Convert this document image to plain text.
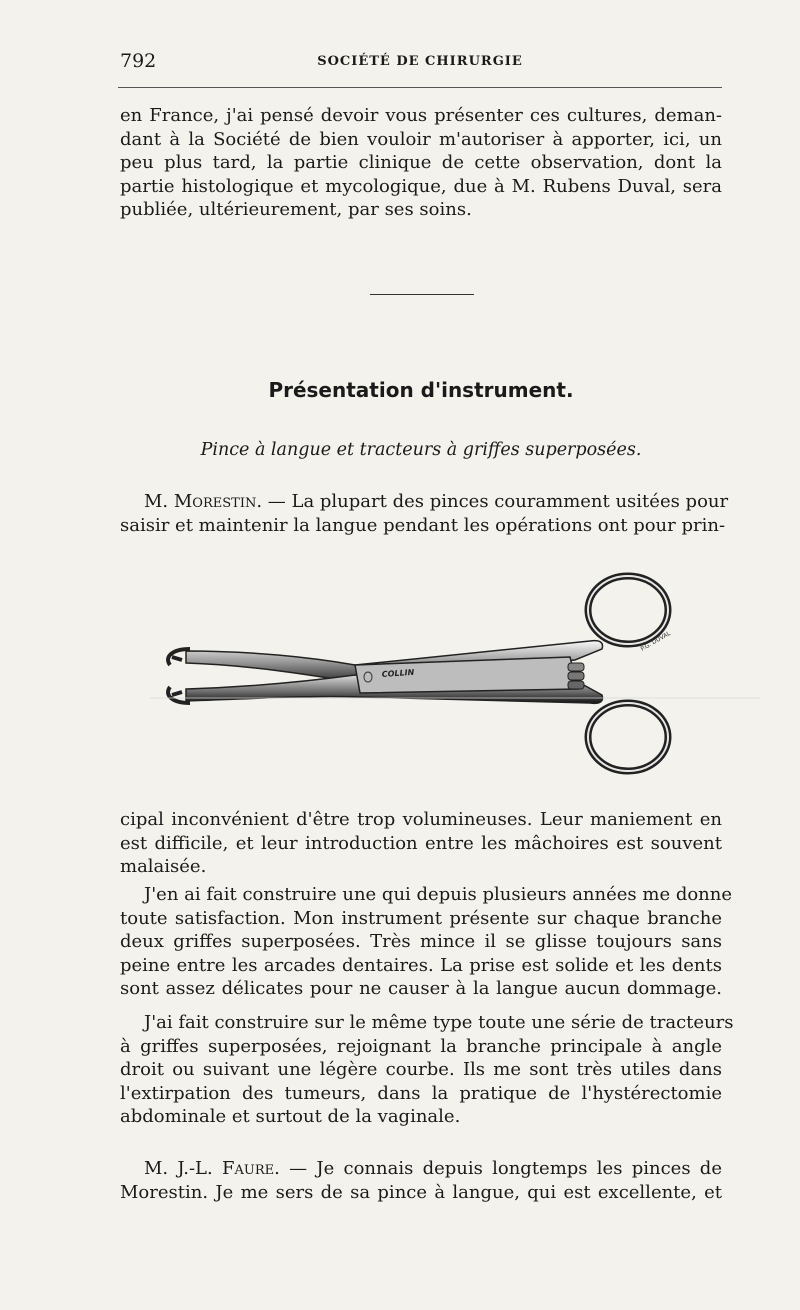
792	SOCIÉTÉ DE CHIRURGIE
en France, j'ai pensé devoir vous présenter ces cultures, deman-
dant à la Société de bien vouloir m'autoriser à apporter, ici, un
peu plus tard, la partie clinique de cette observation, dont la
partie histologique et mycologique, due à M. Rubens Duval, sera
publiée, ultérieurement, par ses soins.
Présentation d'instrument.
Pince à langue et tracteurs à griffes superposées.
M. Morestin. — La plupart des pinces couramment usitées pour
saisir et maintenir la langue pendant les opérations ont pour prin-
COLLIN
P.G. DUVAL
cipal inconvénient d'être trop volumineuses. Leur maniement en
est difficile, et leur introduction entre les mâchoires est souvent
malaisée.
J'en ai fait construire une qui depuis plusieurs années me donne
toute satisfaction. Mon instrument présente sur chaque branche
deux griffes superposées. Très mince il se glisse toujours sans
peine entre les arcades dentaires. La prise est solide et les dents
sont assez délicates pour ne causer à la langue aucun dommage.
J'ai fait construire sur le même type toute une série de tracteurs
à griffes superposées, rejoignant la branche principale à angle
droit ou suivant une légère courbe. Ils me sont très utiles dans
l'extirpation des tumeurs, dans la pratique de l'hystérectomie
abdominale et surtout de la vaginale.
M. J.-L. Faure. — Je connais depuis longtemps les pinces de
Morestin. Je me sers de sa pince à langue, qui est excellente, et
